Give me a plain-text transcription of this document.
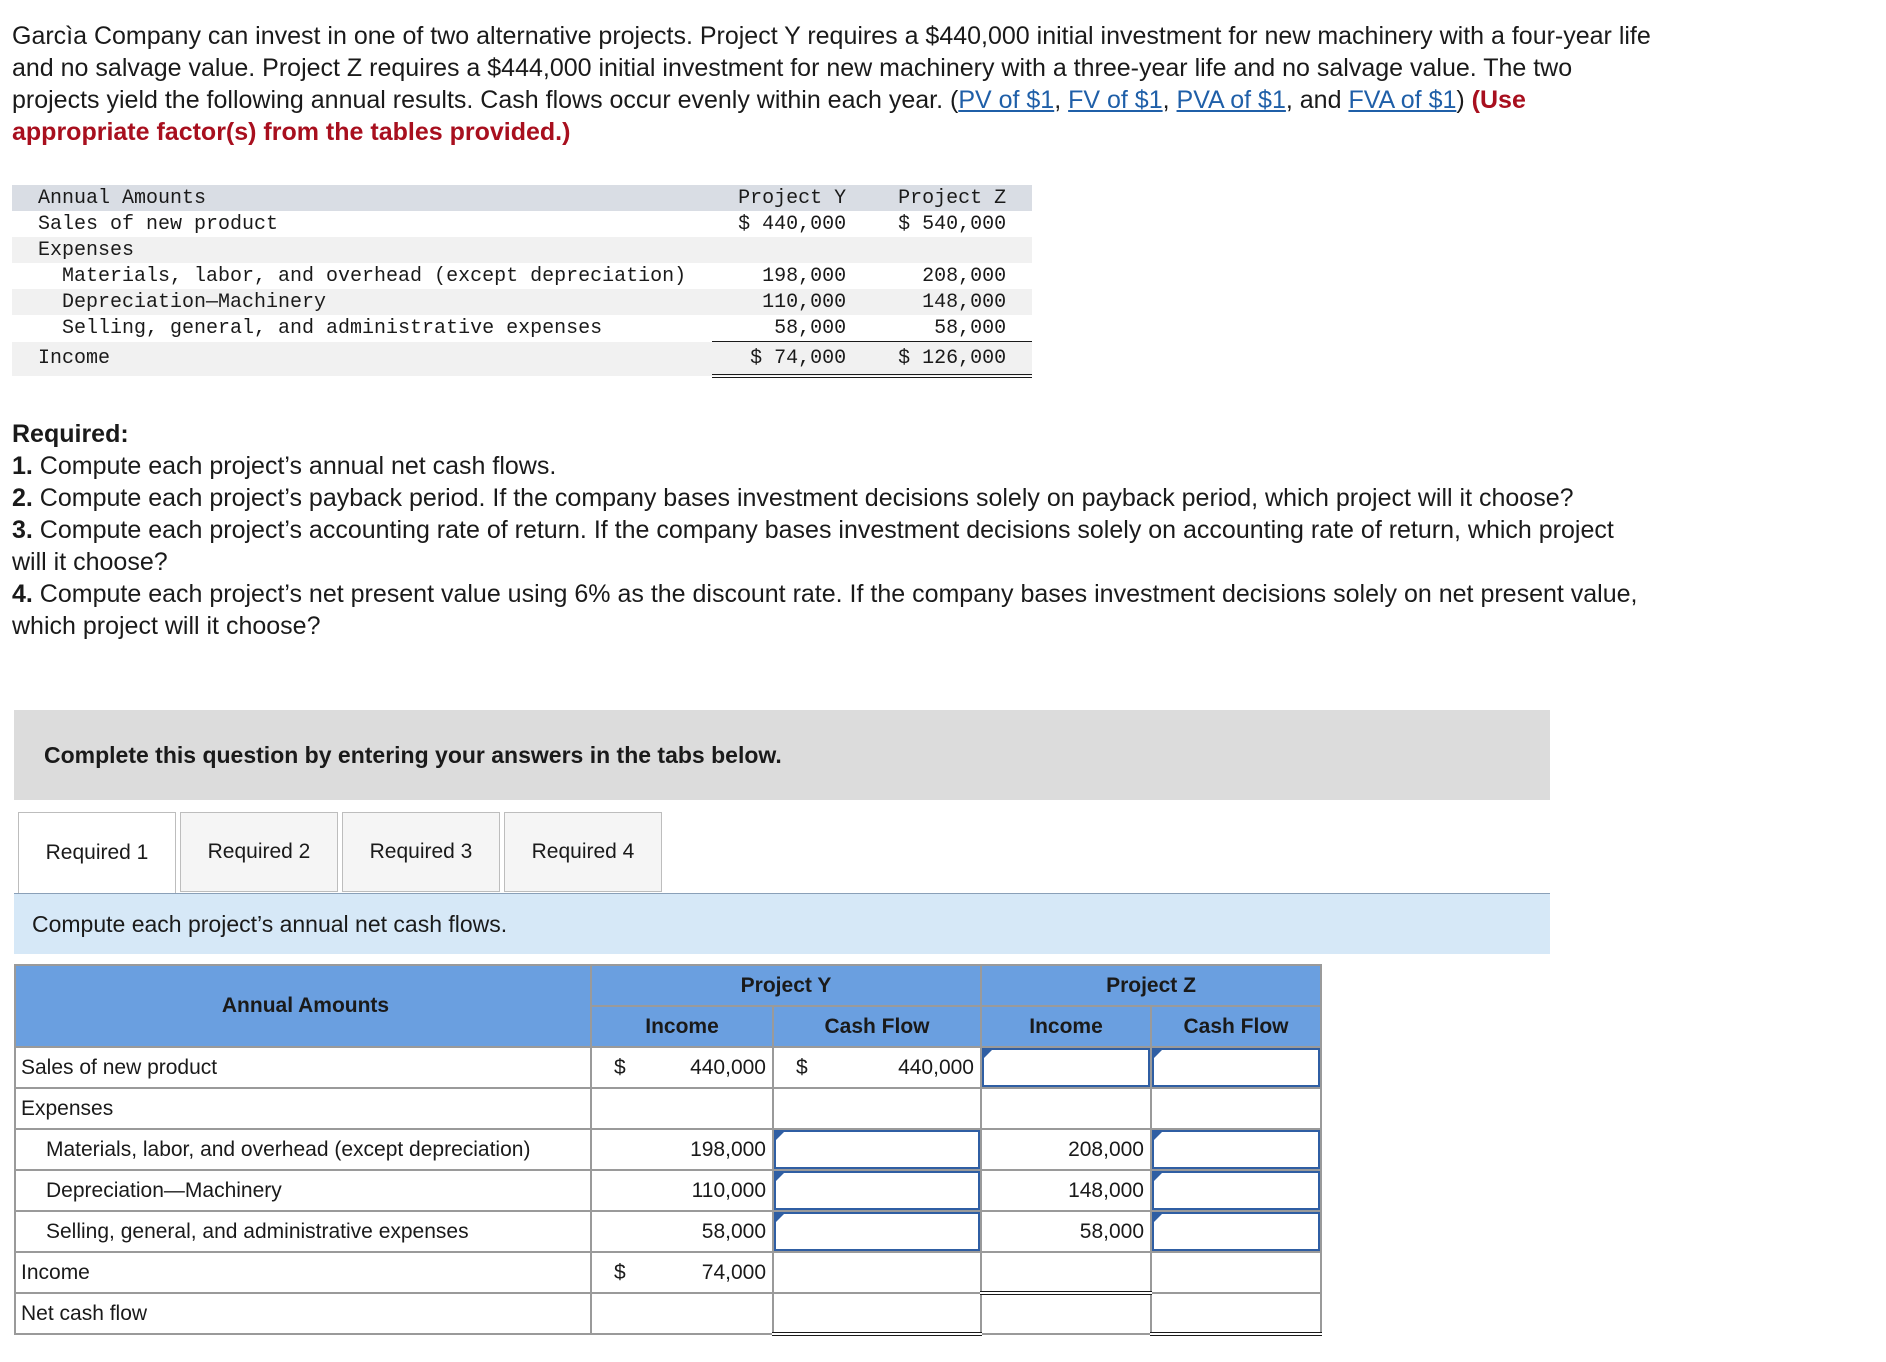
Garcìa Company can invest in one of two alternative projects. Project Y requires a $440,000 initial investment for new machinery with a four-year life and no salvage value. Project Z requires a $444,000 initial investment for new machinery with a three-year life and no salvage value. The two projects yield the following annual results. Cash flows occur evenly within each year. (PV of $1, FV of $1, PVA of $1, and FVA of $1) (Use appropriate factor(s) from the tables provided.)
Annual Amounts	Project Y	Project Z
Sales of new product	$ 440,000	$ 540,000
Expenses		
Materials, labor, and overhead (except depreciation)	198,000	208,000
Depreciation—Machinery	110,000	148,000
Selling, general, and administrative expenses	58,000	58,000
Income	$ 74,000	$ 126,000
Required:
1. Compute each project’s annual net cash flows.
2. Compute each project’s payback period. If the company bases investment decisions solely on payback period, which project will it choose?
3. Compute each project’s accounting rate of return. If the company bases investment decisions solely on accounting rate of return, which project will it choose?
4. Compute each project’s net present value using 6% as the discount rate. If the company bases investment decisions solely on net present value, which project will it choose?
Complete this question by entering your answers in the tabs below.
Required 1	Required 2	Required 3	Required 4
Compute each project’s annual net cash flows.
Annual Amounts	Project Y		Project Z	
	Income	Cash Flow	Income	Cash Flow
Sales of new product	$ 440,000	$ 440,000	

Expenses				
Materials, labor, and overhead (except depreciation)	198,000		208,000	

Depreciation—Machinery	110,000		148,000	

Selling, general, and administrative expenses	58,000		58,000	

Income	$ 74,000			
Net cash flow				
